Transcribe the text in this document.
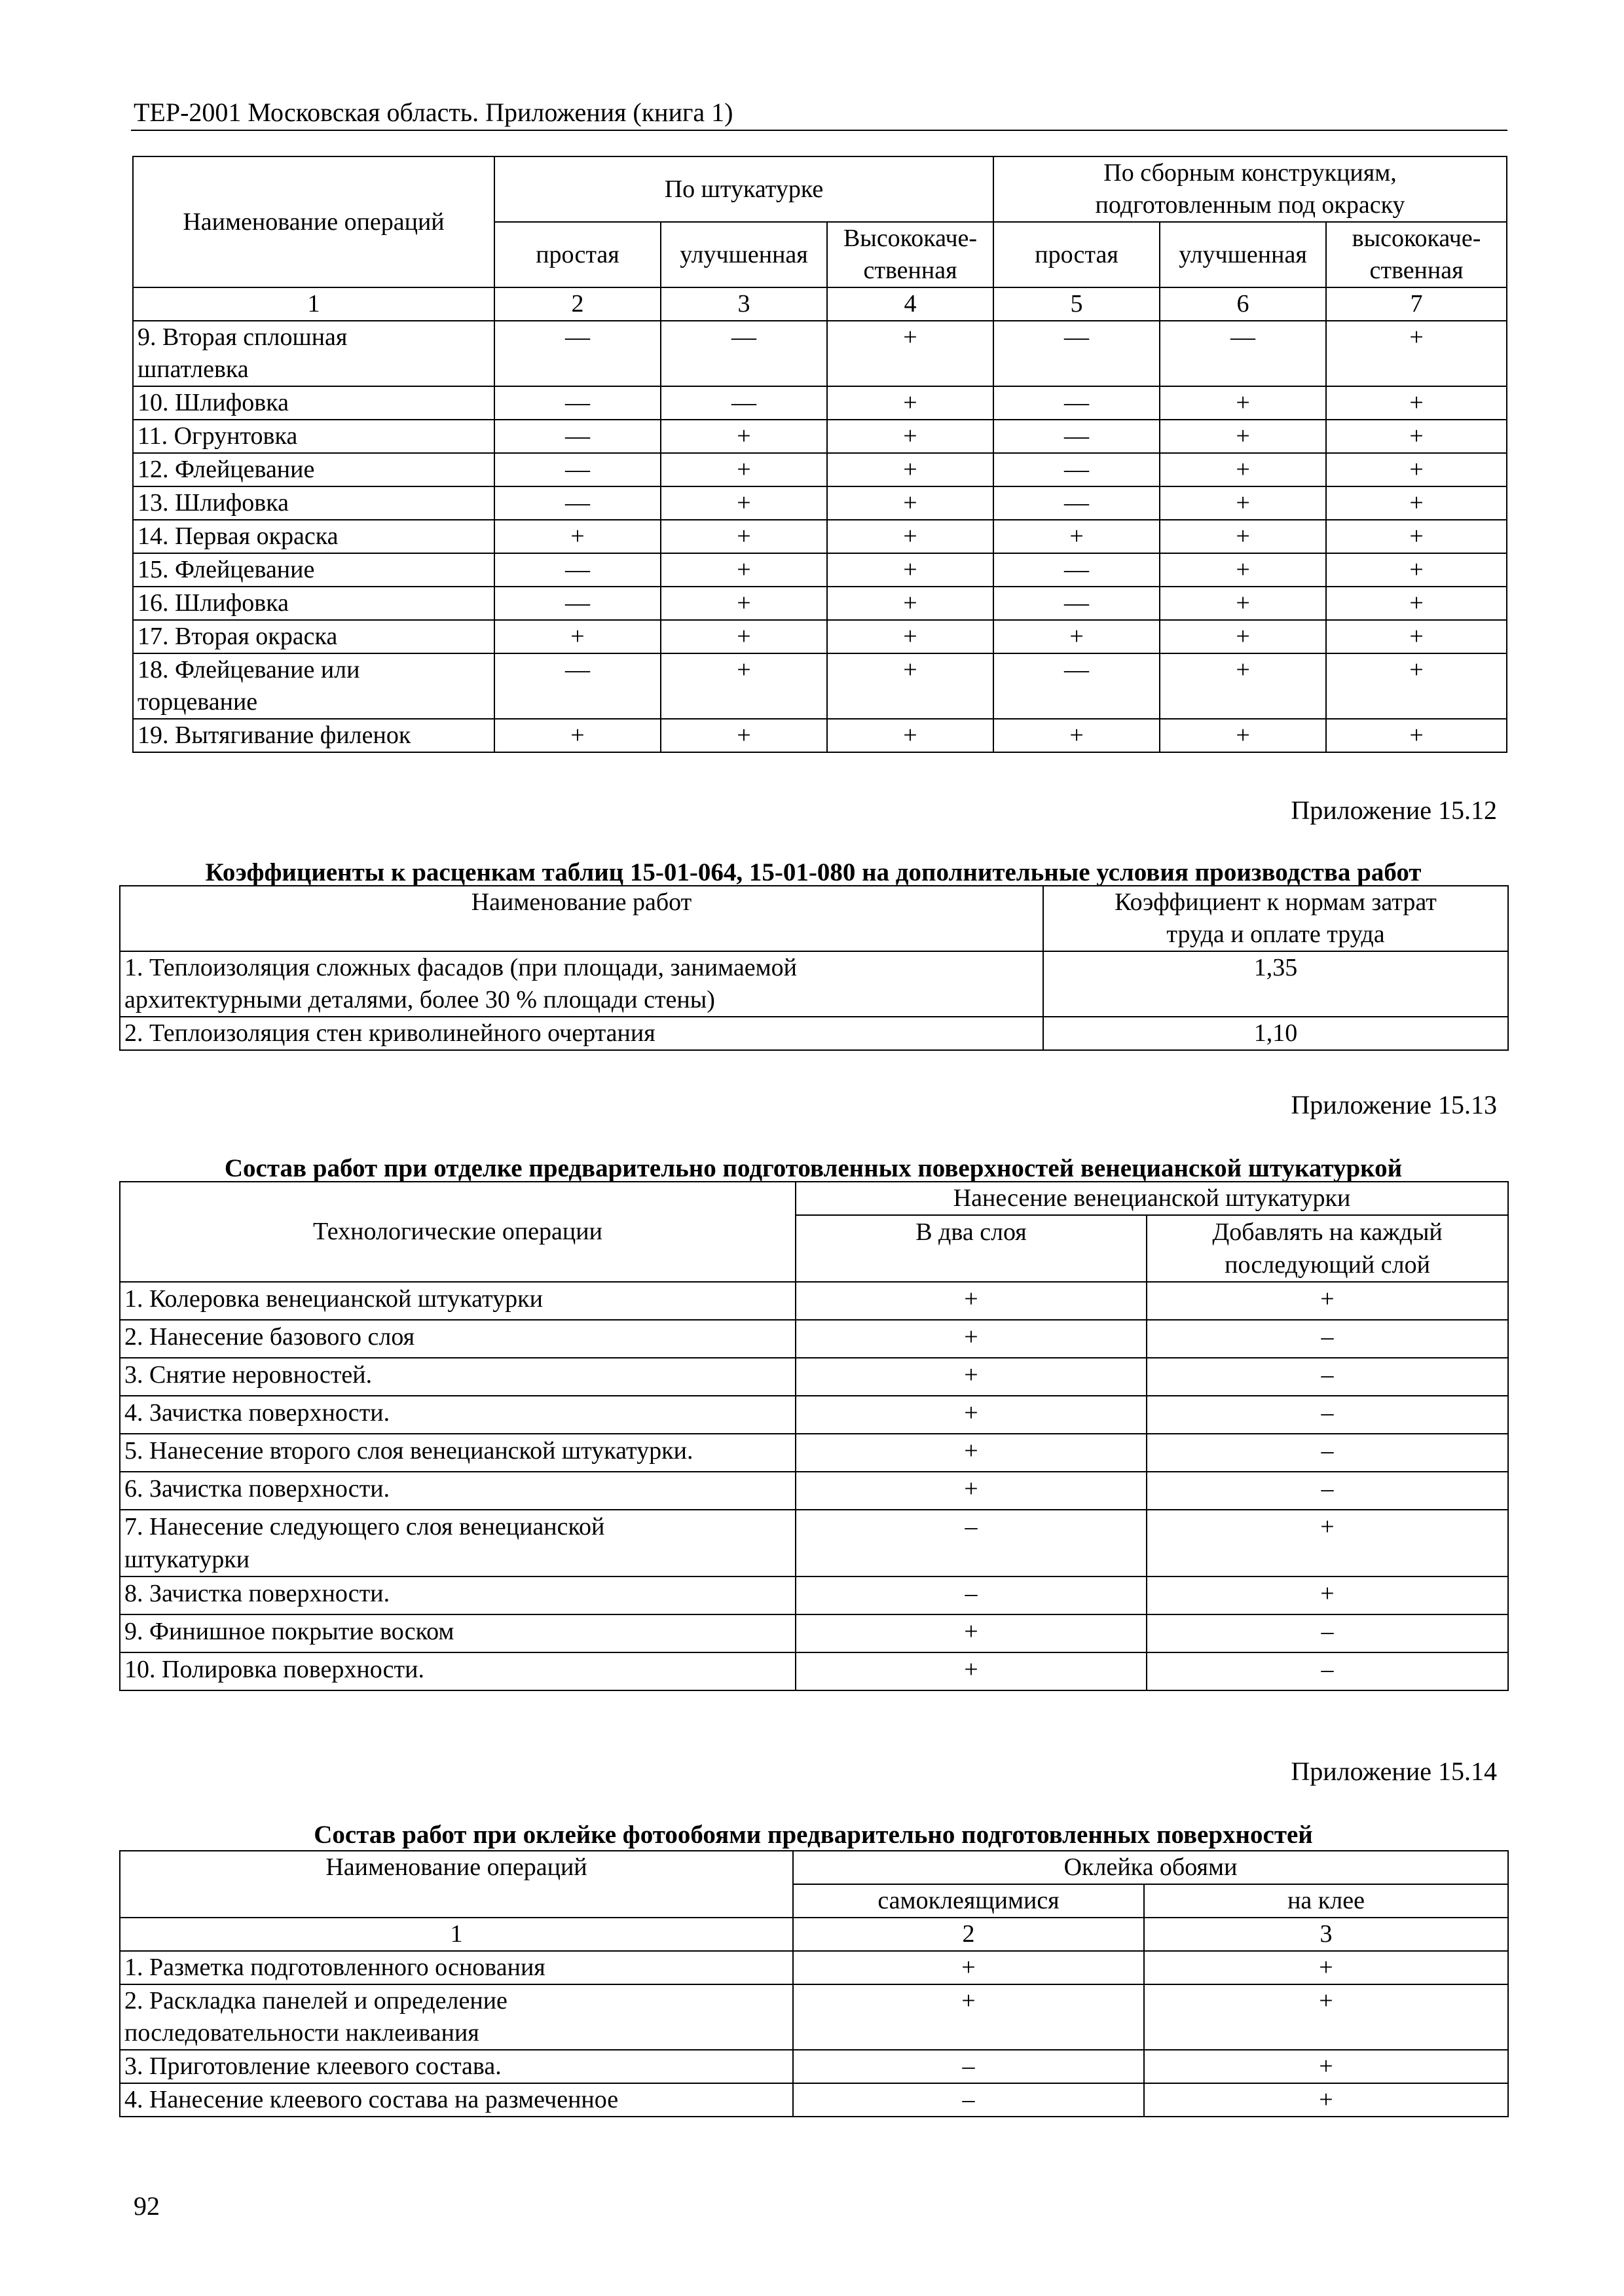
ТЕР-2001 Московская область. Приложения (книга 1)
Наименование операций	По штукатурке			По сборным конструкциям,
подготовленным под окраску		
	простая	улучшенная	Высококаче-
ственная	простая	улучшенная	высококаче-
ственная
1	2	3	4	5	6	7
9. Вторая сплошная
шпатлевка	—	—	+	—	—	+
10. Шлифовка	—	—	+	—	+	+
11. Огрунтовка	—	+	+	—	+	+
12. Флейцевание	—	+	+	—	+	+
13. Шлифовка	—	+	+	—	+	+
14. Первая окраска	+	+	+	+	+	+
15. Флейцевание	—	+	+	—	+	+
16. Шлифовка	—	+	+	—	+	+
17. Вторая окраска	+	+	+	+	+	+
18. Флейцевание или
торцевание	—	+	+	—	+	+
19. Вытягивание филенок	+	+	+	+	+	+
Приложение 15.12
Коэффициенты к расценкам таблиц 15-01-064, 15-01-080 на дополнительные условия производства работ
Наименование работ	Коэффициент к нормам затрат
труда и оплате труда
1. Теплоизоляция сложных фасадов (при площади, занимаемой
архитектурными деталями, более 30 % площади стены)	1,35
2. Теплоизоляция стен криволинейного очертания	1,10
Приложение 15.13
Состав работ при отделке предварительно подготовленных поверхностей венецианской штукатуркой
Технологические операции	Нанесение венецианской штукатурки	
	В два слоя	Добавлять на каждый
последующий слой
1. Колеровка венецианской штукатурки	+	+
2. Нанесение базового слоя	+	–
3. Снятие неровностей.	+	–
4. Зачистка поверхности.	+	–
5. Нанесение второго слоя венецианской штукатурки.	+	–
6. Зачистка поверхности.	+	–
7. Нанесение следующего слоя венецианской
штукатурки	–	+
8. Зачистка поверхности.	–	+
9. Финишное покрытие воском	+	–
10. Полировка поверхности.	+	–
Приложение 15.14
Состав работ при оклейке фотообоями предварительно подготовленных поверхностей
Наименование операций	Оклейка обоями	
	самоклеящимися	на клее
1	2	3
1. Разметка подготовленного основания	+	+
2. Раскладка панелей и определение
последовательности наклеивания	+	+
3. Приготовление клеевого состава.	–	+
4. Нанесение клеевого состава на размеченное	–	+
92
